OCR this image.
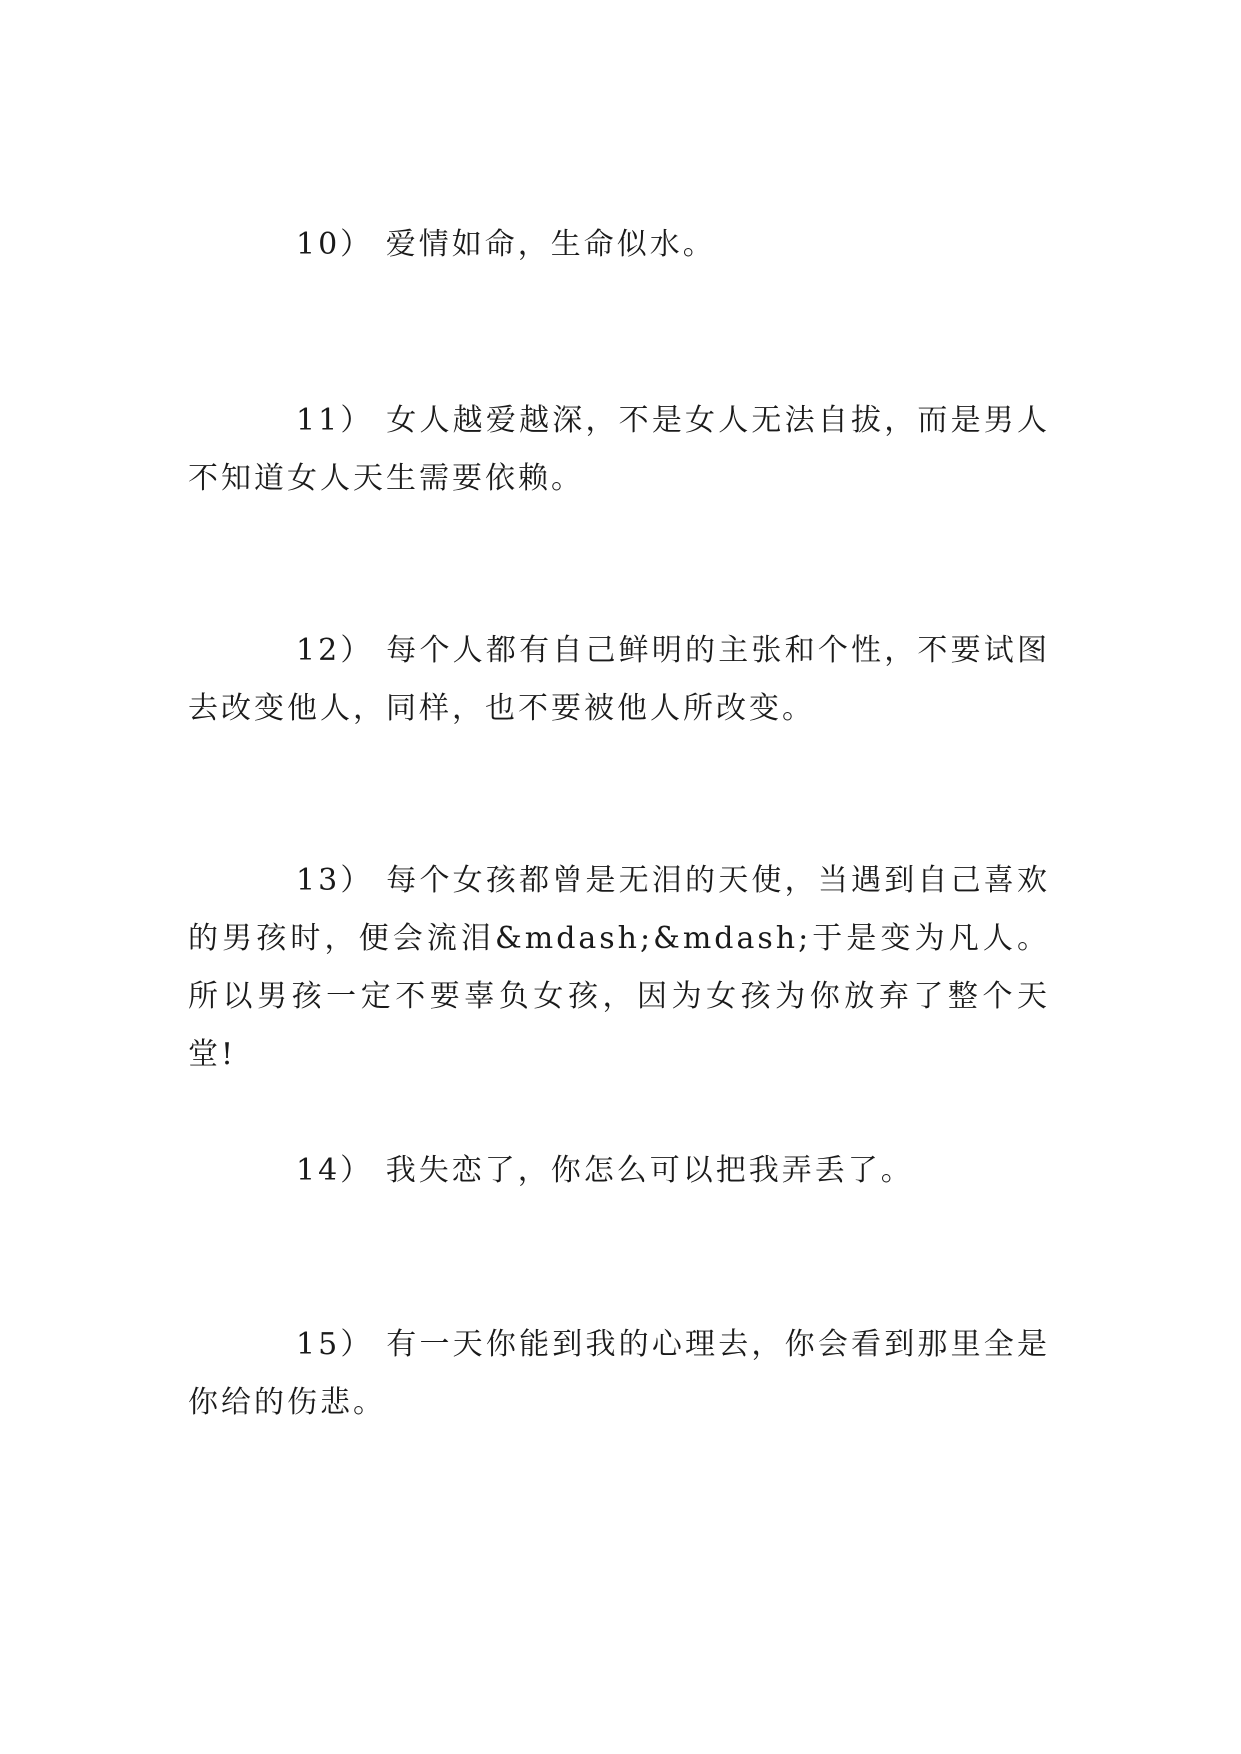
10） 爱情如命，生命似水。

11） 女人越爱越深，不是女人无法自拔，而是男人不知道女人天生需要依赖。

12） 每个人都有自己鲜明的主张和个性，不要试图去改变他人，同样，也不要被他人所改变。

13） 每个女孩都曾是无泪的天使，当遇到自己喜欢的男孩时，便会流泪&mdash;&mdash;于是变为凡人。所以男孩一定不要辜负女孩，因为女孩为你放弃了整个天堂!

14） 我失恋了，你怎么可以把我弄丢了。

15） 有一天你能到我的心理去，你会看到那里全是你给的伤悲。
